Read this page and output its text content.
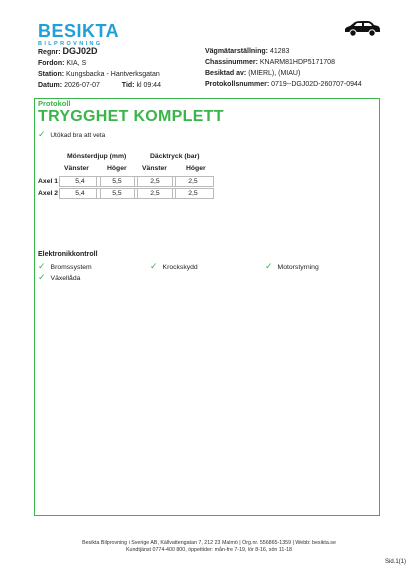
BESIKTA
BILPROVNING
Regnr: DGJ02D
Fordon: KIA, S
Station: Kungsbacka - Hantverksgatan
Datum: 2026-07-07	Tid: kl 09:44
Vägmätarställning: 41283
Chassinummer: KNARM81HDP5171708
Besiktad av: (MIERL), (MIAU)
Protokollsnummer: 0719--DGJ02D-260707-0944
Protokoll
TRYGGHET KOMPLETT
✓ Utökad bra att veta
Mönsterdjup (mm)	Däcktryck (bar)
Vänster	Höger Vänster	Höger
Axel 1	5,4	5,5	2,5	2,5
Axel 2	5,4	5,5	2,5	2,5
Elektronikkontroll
✓ Bromssystem	✓ Krockskydd	✓ Motorstyrning
✓ Växellåda
Besikta Bilprovning i Sverige AB, Källvattengatan 7, 212 23 Malmö | Org.nr. 556865-1359 | Webb: besikta.se
Kundtjänst 0774-400 800, öppettider: mån-fre 7-19, lör 8-16, sön 11-18
Sid.1(1)
